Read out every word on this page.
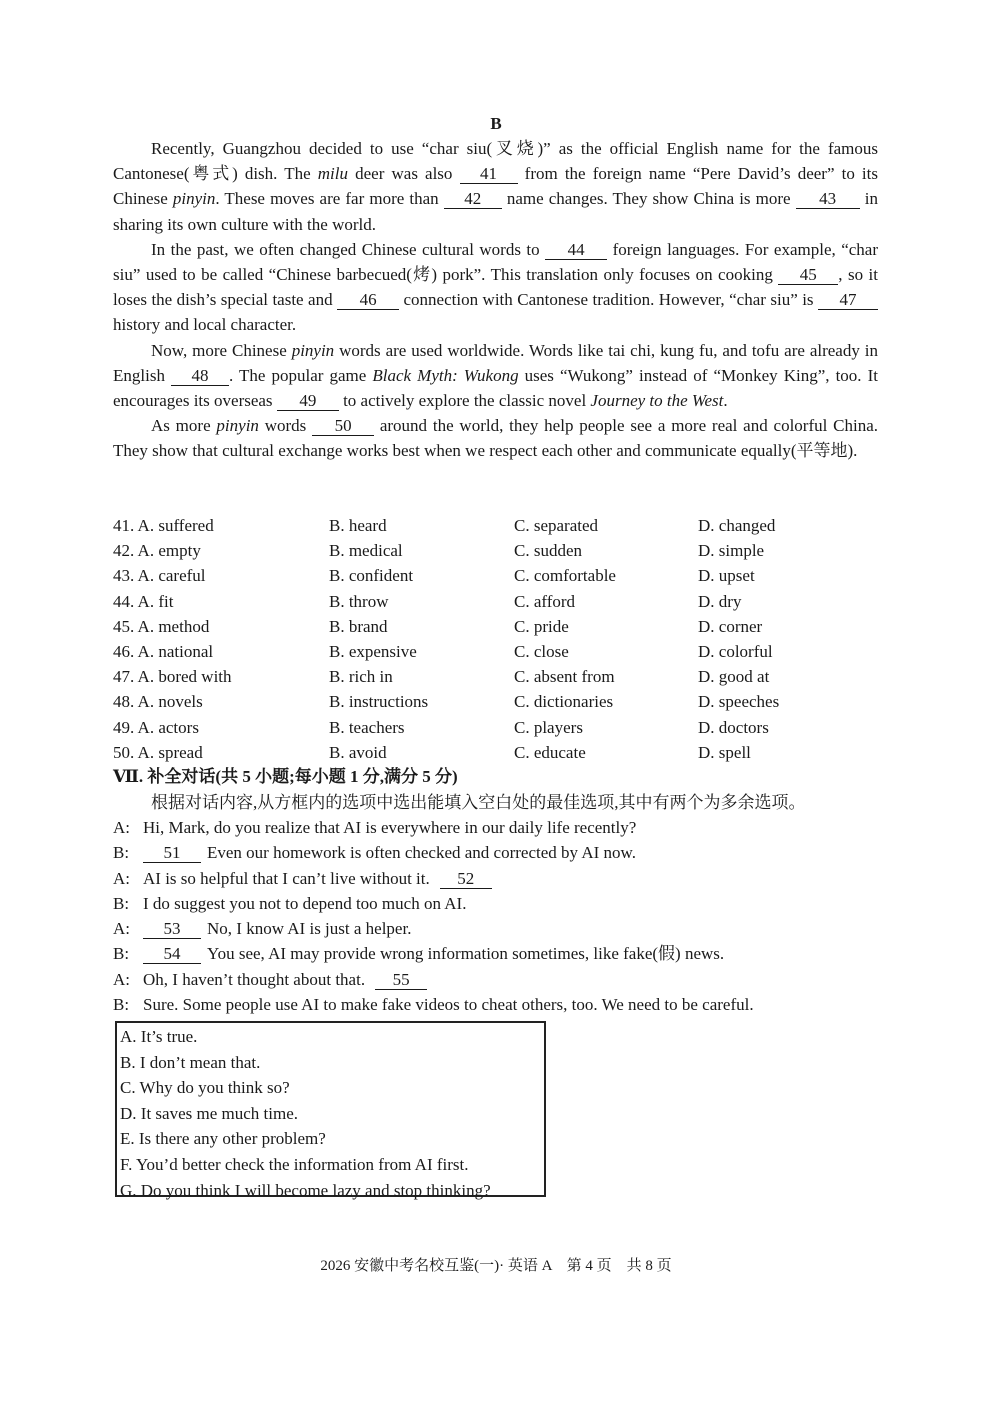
B

Recently, Guangzhou decided to use “char siu(叉烧)” as the official English name for the famous Cantonese(粤式) dish. The milu deer was also 41 from the foreign name “Pere David’s deer” to its Chinese pinyin. These moves are far more than 42 name changes. They show China is more 43 in sharing its own culture with the world.

In the past, we often changed Chinese cultural words to 44 foreign languages. For example, “char siu” used to be called “Chinese barbecued(烤) pork”. This translation only focuses on cooking 45 , so it loses the dish’s special taste and 46 connection with Cantonese tradition. However, “char siu” is 47 history and local character.

Now, more Chinese pinyin words are used worldwide. Words like tai chi, kung fu, and tofu are already in English 48 . The popular game Black Myth: Wukong uses “Wukong” instead of “Monkey King”, too. It encourages its overseas 49 to actively explore the classic novel Journey to the West.

As more pinyin words 50 around the world, they help people see a more real and colorful China. They show that cultural exchange works best when we respect each other and communicate equally(平等地).

41. A. suffered	B. heard	C. separated	D. changed
42. A. empty	B. medical	C. sudden	D. simple
43. A. careful	B. confident	C. comfortable	D. upset
44. A. fit	B. throw	C. afford	D. dry
45. A. method	B. brand	C. pride	D. corner
46. A. national	B. expensive	C. close	D. colorful
47. A. bored with	B. rich in	C. absent from	D. good at
48. A. novels	B. instructions	C. dictionaries	D. speeches
49. A. actors	B. teachers	C. players	D. doctors
50. A. spread	B. avoid	C. educate	D. spell
Ⅶ. 补全对话(共 5 小题;每小题 1 分,满分 5 分)
根据对话内容,从方框内的选项中选出能填入空白处的最佳选项,其中有两个为多余选项。
A: Hi, Mark, do you realize that AI is everywhere in our daily life recently?
B: 51 Even our homework is often checked and corrected by AI now.
A: AI is so helpful that I can’t live without it. 52
B: I do suggest you not to depend too much on AI.
A: 53 No, I know AI is just a helper.
B: 54 You see, AI may provide wrong information sometimes, like fake(假) news.
A: Oh, I haven’t thought about that. 55
B: Sure. Some people use AI to make fake videos to cheat others, too. We need to be careful.
A. It’s true.
B. I don’t mean that.
C. Why do you think so?
D. It saves me much time.
E. Is there any other problem?
F. You’d better check the information from AI first.
G. Do you think I will become lazy and stop thinking?
2026 安徽中考名校互鉴(一)· 英语 A　第 4 页　共 8 页
